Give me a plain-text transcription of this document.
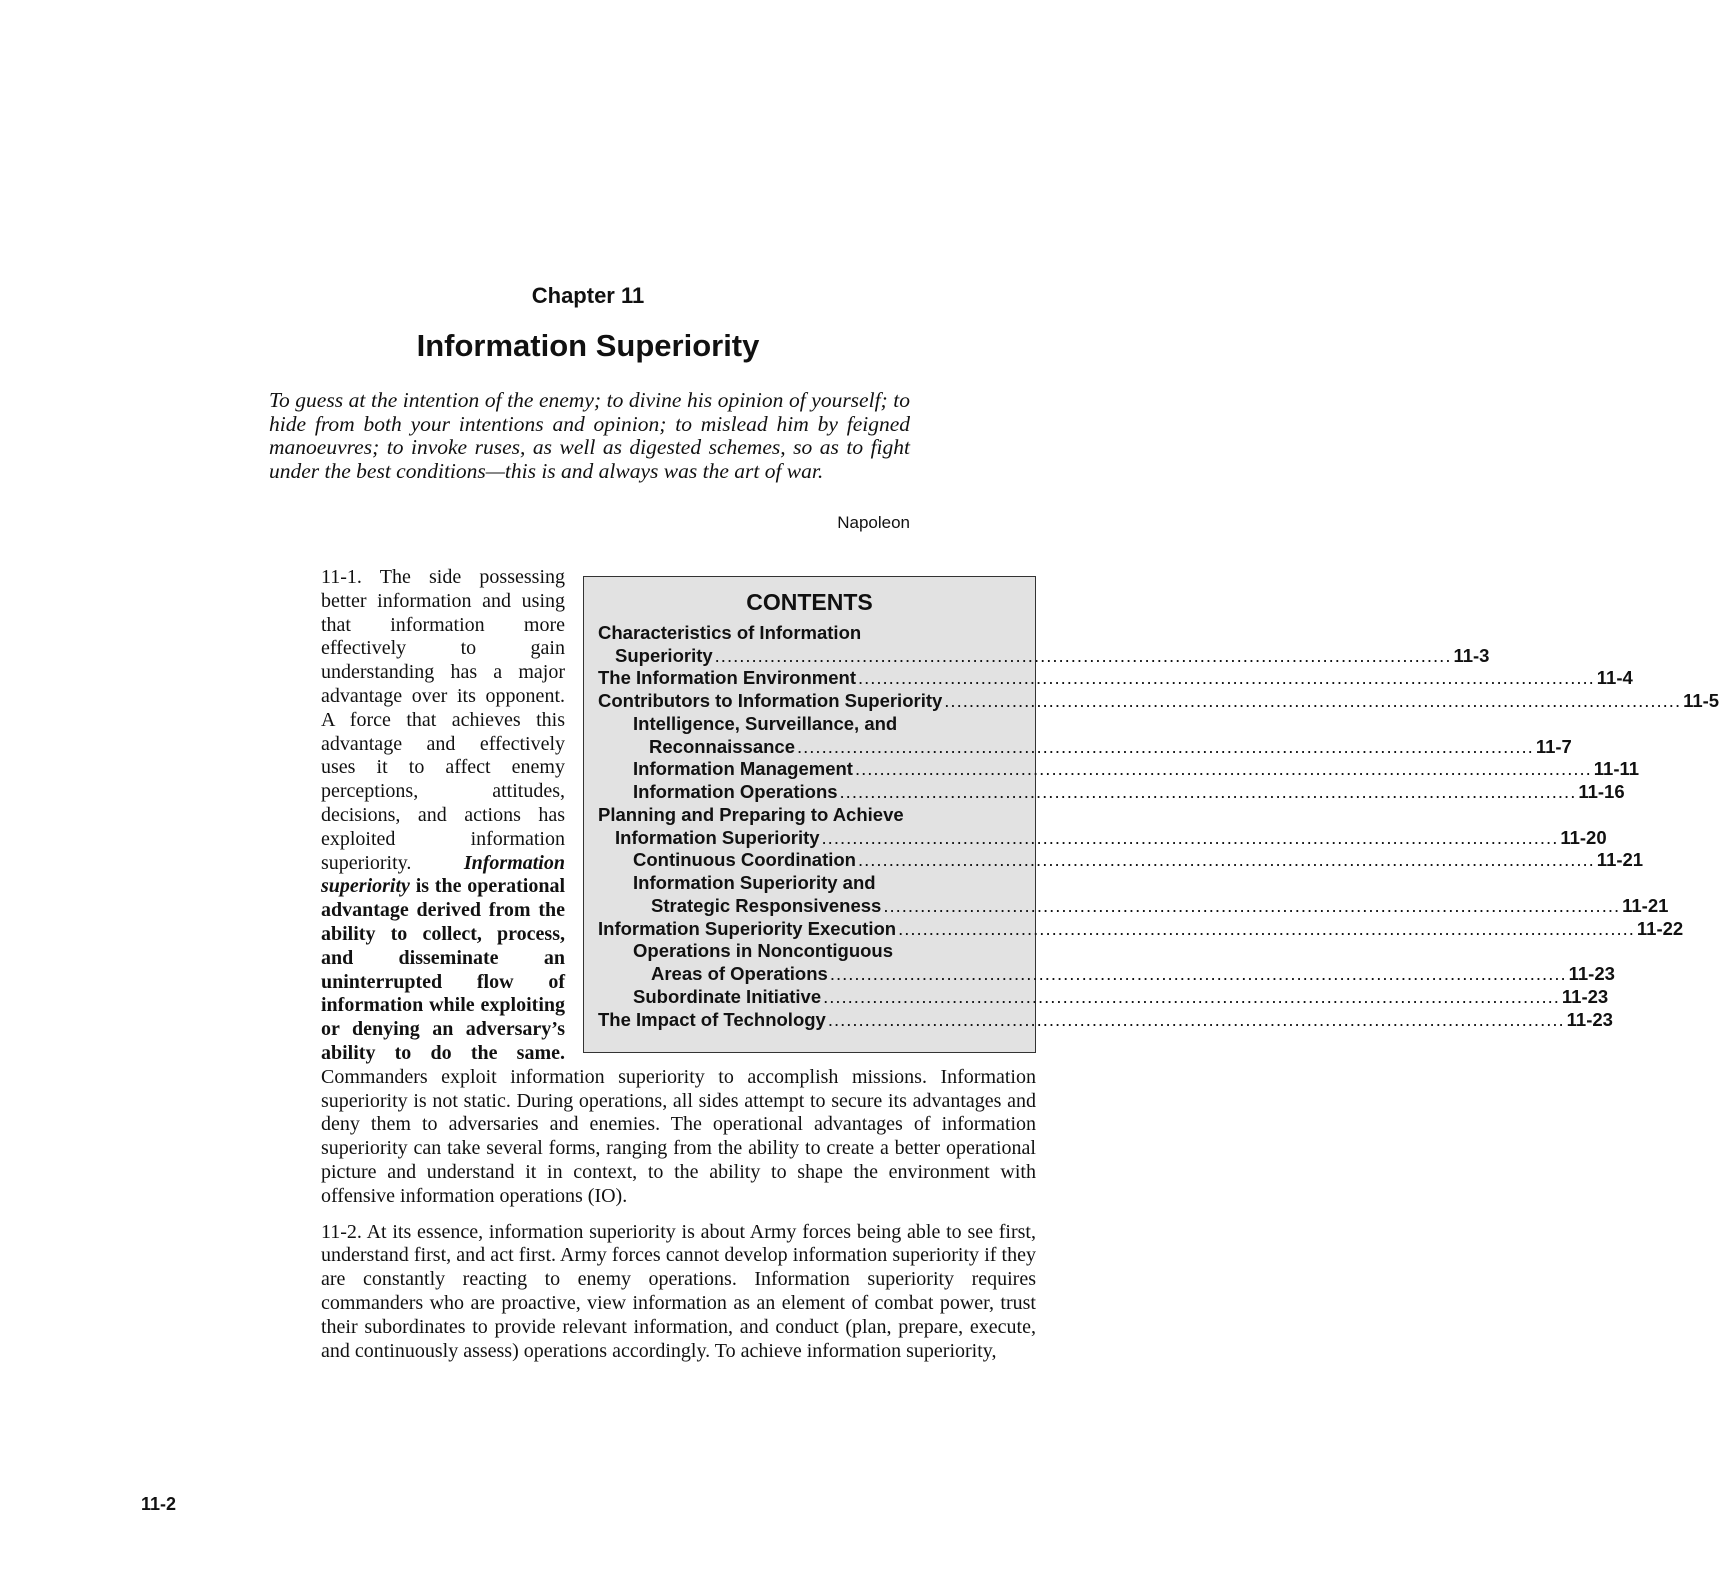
Chapter 11
Information Superiority

To guess at the intention of the enemy; to divine his opinion of yourself; to hide from both your intentions and opinion; to mislead him by feigned manoeuvres; to invoke ruses, as well as digested schemes, so as to fight under the best conditions—this is and always was the art of war.

Napoleon

CONTENTS
Characteristics of Information
Superiority .....	11-3
The Information Environment .....	11-4
Contributors to Information Superiority .....	11-5
Intelligence, Surveillance, and
Reconnaissance .....	11-7
Information Management .....	11-11
Information Operations .....	11-16
Planning and Preparing to Achieve
Information Superiority .....	11-20
Continuous Coordination .....	11-21
Information Superiority and
Strategic Responsiveness .....	11-21
Information Superiority Execution .....	11-22
Operations in Noncontiguous
Areas of Operations .....	11-23
Subordinate Initiative .....	11-23
The Impact of Technology .....	11-23

11-1. The side possessing better information and using that information more effectively to gain understanding has a major advantage over its opponent. A force that achieves this advantage and effectively uses it to affect enemy perceptions, attitudes, decisions, and actions has exploited information superiority.	Information superiority is the operational advantage derived from the ability to collect, process, and disseminate an uninterrupted flow of information while exploiting or denying an adversary’s ability to do the same. Commanders exploit information superiority to accomplish missions. Information superiority is not static. During operations, all sides attempt to secure its advantages and deny them to adversaries and enemies. The operational advantages of information superiority can take several forms, ranging from the ability to create a better operational picture and understand it in context, to the ability to shape the environment with offensive information operations (IO).

11-2. At its essence, information superiority is about Army forces being able to see first, understand first, and act first. Army forces cannot develop information superiority if they are constantly reacting to enemy operations. Information superiority requires commanders who are proactive, view information as an element of combat power, trust their subordinates to provide relevant information, and conduct (plan, prepare, execute, and continuously assess) operations accordingly. To achieve information superiority,

11-2
